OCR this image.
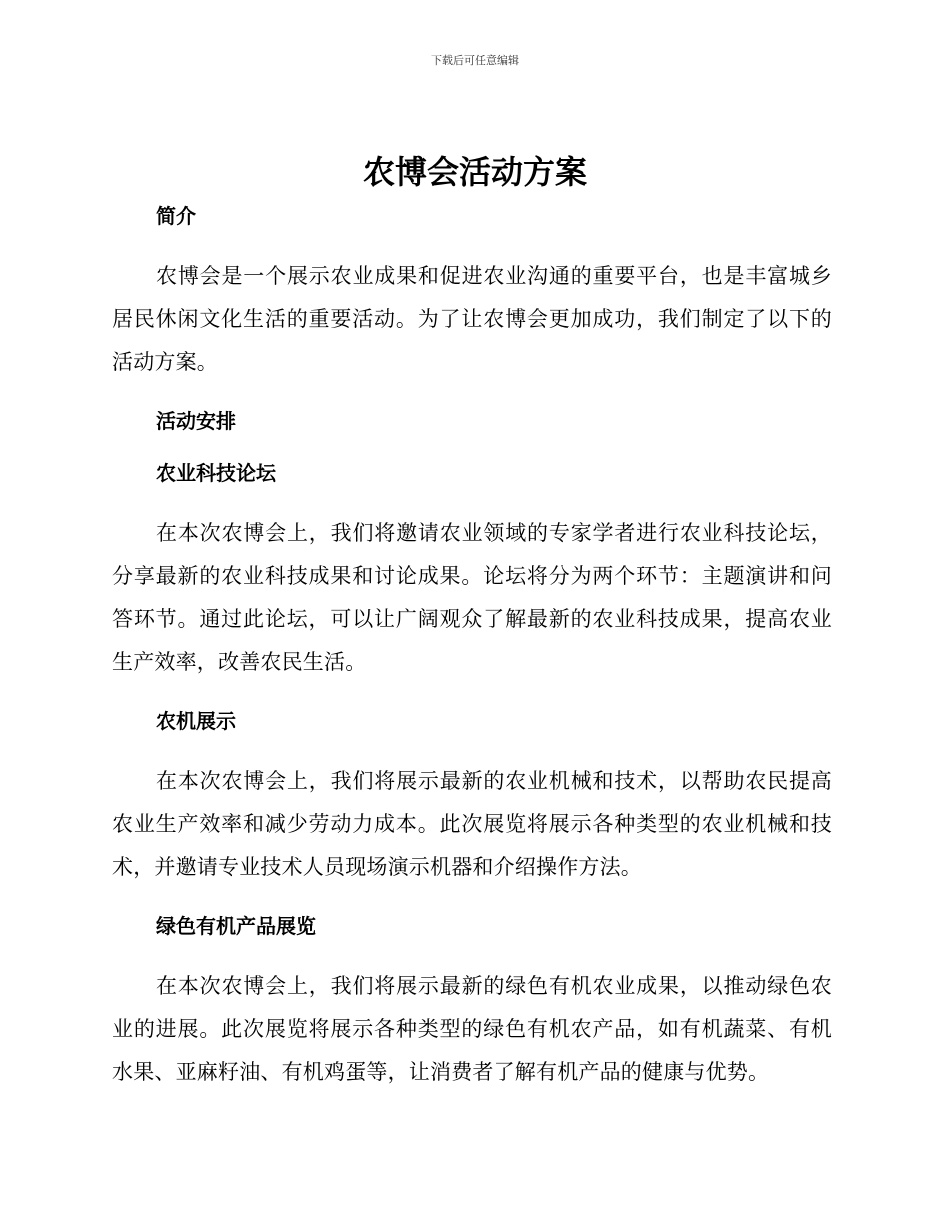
下载后可任意编辑
农博会活动方案
简介

农博会是一个展示农业成果和促进农业沟通的重要平台，也是丰富城乡居民休闲文化生活的重要活动。为了让农博会更加成功，我们制定了以下的活动方案。

活动安排
农业科技论坛

在本次农博会上，我们将邀请农业领域的专家学者进行农业科技论坛，分享最新的农业科技成果和讨论成果。论坛将分为两个环节：主题演讲和问答环节。通过此论坛，可以让广阔观众了解最新的农业科技成果，提高农业生产效率，改善农民生活。

农机展示

在本次农博会上，我们将展示最新的农业机械和技术，以帮助农民提高农业生产效率和减少劳动力成本。此次展览将展示各种类型的农业机械和技术，并邀请专业技术人员现场演示机器和介绍操作方法。

绿色有机产品展览

在本次农博会上，我们将展示最新的绿色有机农业成果，以推动绿色农业的进展。此次展览将展示各种类型的绿色有机农产品，如有机蔬菜、有机水果、亚麻籽油、有机鸡蛋等，让消费者了解有机产品的健康与优势。
